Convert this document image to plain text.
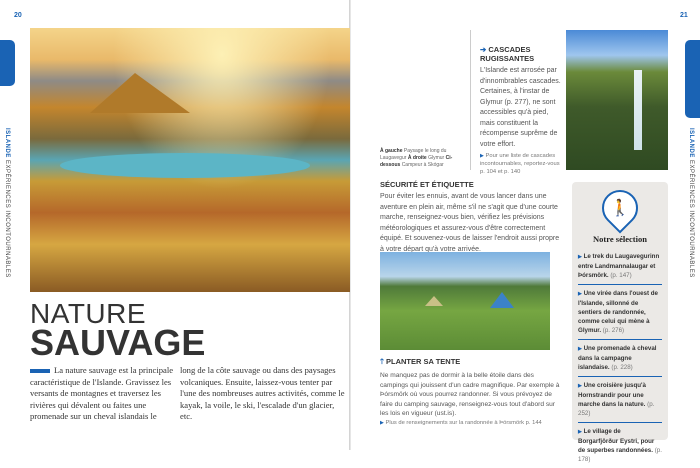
20
ISLANDE EXPÉRIENCES INCONTOURNABLES
NATURE
SAUVAGE
La nature sauvage est la principale caractéristique de l'Islande. Gravissez les versants de montagnes et traversez les rivières qui dévalent ou faites une promenade sur un cheval islandais le
long de la côte sauvage ou dans des paysages volcaniques. Ensuite, laissez-vous tenter par l'une des nombreuses autres activités, comme le kayak, la voile, le ski, l'escalade d'un glacier, etc.
21
ISLANDE EXPÉRIENCES INCONTOURNABLES
À gauche Paysage le long du Laugavegur À droite Glymur Ci-dessous Campeur à Skógar
➔ CASCADES RUGISSANTES
L'Islande est arrosée par d'innombrables cascades. Certaines, à l'instar de Glymur (p. 277), ne sont accessibles qu'à pied, mais constituent la récompense suprême de votre effort.
▶ Pour une liste de cascades incontournables, reportez-vous p. 104 et p. 140
SÉCURITÉ ET ÉTIQUETTE
Pour éviter les ennuis, avant de vous lancer dans une aventure en plein air, même s'il ne s'agit que d'une courte marche, renseignez-vous bien, vérifiez les prévisions météorologiques et assurez-vous d'être correctement équipé. Et souvenez-vous de laisser l'endroit aussi propre à votre départ qu'à votre arrivée.
🡑 PLANTER SA TENTE
Ne manquez pas de dormir à la belle étoile dans des campings qui jouissent d'un cadre magnifique. Par exemple à Þórsmörk où vous pourrez randonner. Si vous prévoyez de faire du camping sauvage, renseignez-vous tout d'abord sur les lois en vigueur (ust.is).
▶ Plus de renseignements sur la randonnée à Þórsmörk p. 144
🚶
Notre sélection
▶ Le trek du Laugavegurinn entre Landmannalaugar et Þórsmörk. (p. 147)
▶ Une virée dans l'ouest de l'Islande, sillonné de sentiers de randonnée, comme celui qui mène à Glymur. (p. 276)
▶ Une promenade à cheval dans la campagne islandaise. (p. 228)
▶ Une croisière jusqu'à Hornstrandir pour une marche dans la nature. (p. 252)
▶ Le village de Borgarfjörður Eystri, pour de superbes randonnées. (p. 178)
